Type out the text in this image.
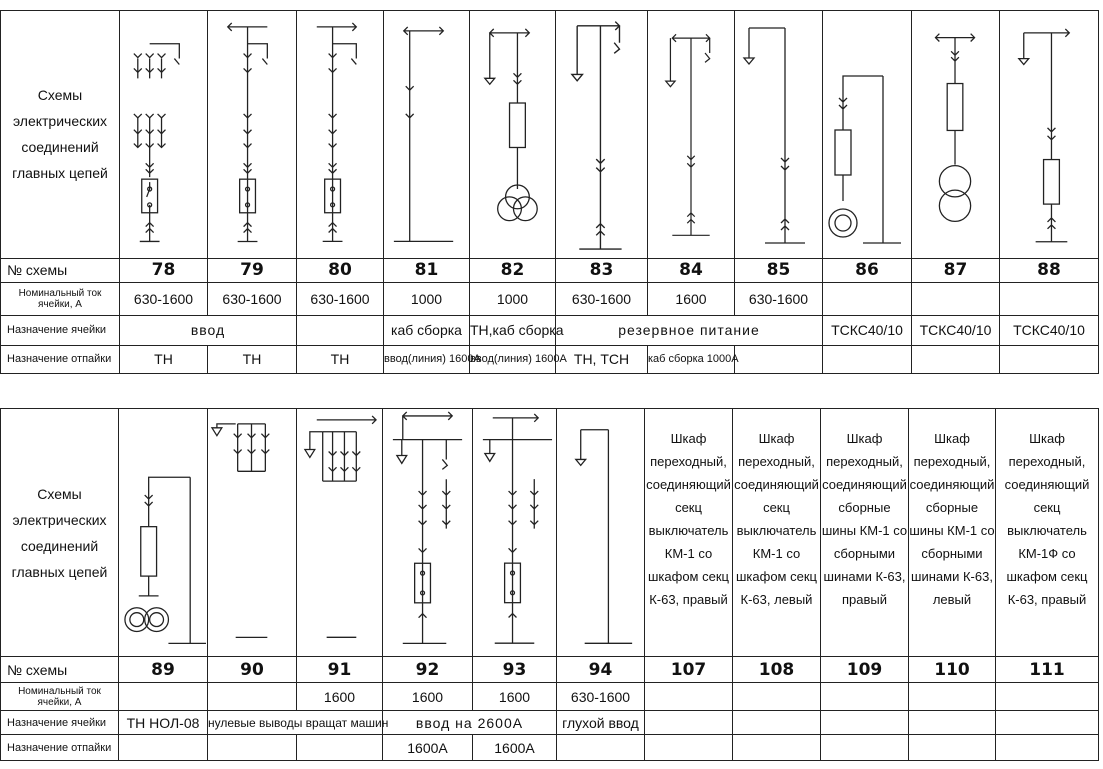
Схемы электрических соединений главных цепей	

№ схемы	78	79	80	81	82	83	84	85	86	87	88
Номинальный ток ячейки, А	630-1600	630-1600	630-1600	1000	1000	630-1600	1600	630-1600			
Назначение ячейки	ввод			каб сборка	ТН,каб сборка	резервное питание			ТСКС40/10	ТСКС40/10	ТСКС40/10
Назначение отпайки	ТН	ТН	ТН	ввод(линия) 1600А	ввод(линия) 1600А	ТН, ТСН	каб сборка 1000А				
Схемы электрических соединений главных цепей							Шкаф переходный, соединяющий секц выключатель КМ-1 со шкафом секц К-63, правый	Шкаф переходный, соединяющий секц выключатель КМ-1 со шкафом секц К-63, левый	Шкаф переходный, соединяющий сборные шины КМ-1 со сборными шинами К-63, правый	Шкаф переходный, соединяющий сборные шины КМ-1 со сборными шинами К-63, левый	Шкаф переходный, соединяющий секц выключатель КМ-1Ф со шкафом секц К-63, правый
№ схемы	89	90	91	92	93	94	107	108	109	110	111
Номинальный ток ячейки, А			1600	1600	1600	630-1600					
Назначение ячейки	ТН НОЛ-08	нулевые выводы вращат машин		ввод на 2600А		глухой ввод					
Назначение отпайки				1600А	1600А						
